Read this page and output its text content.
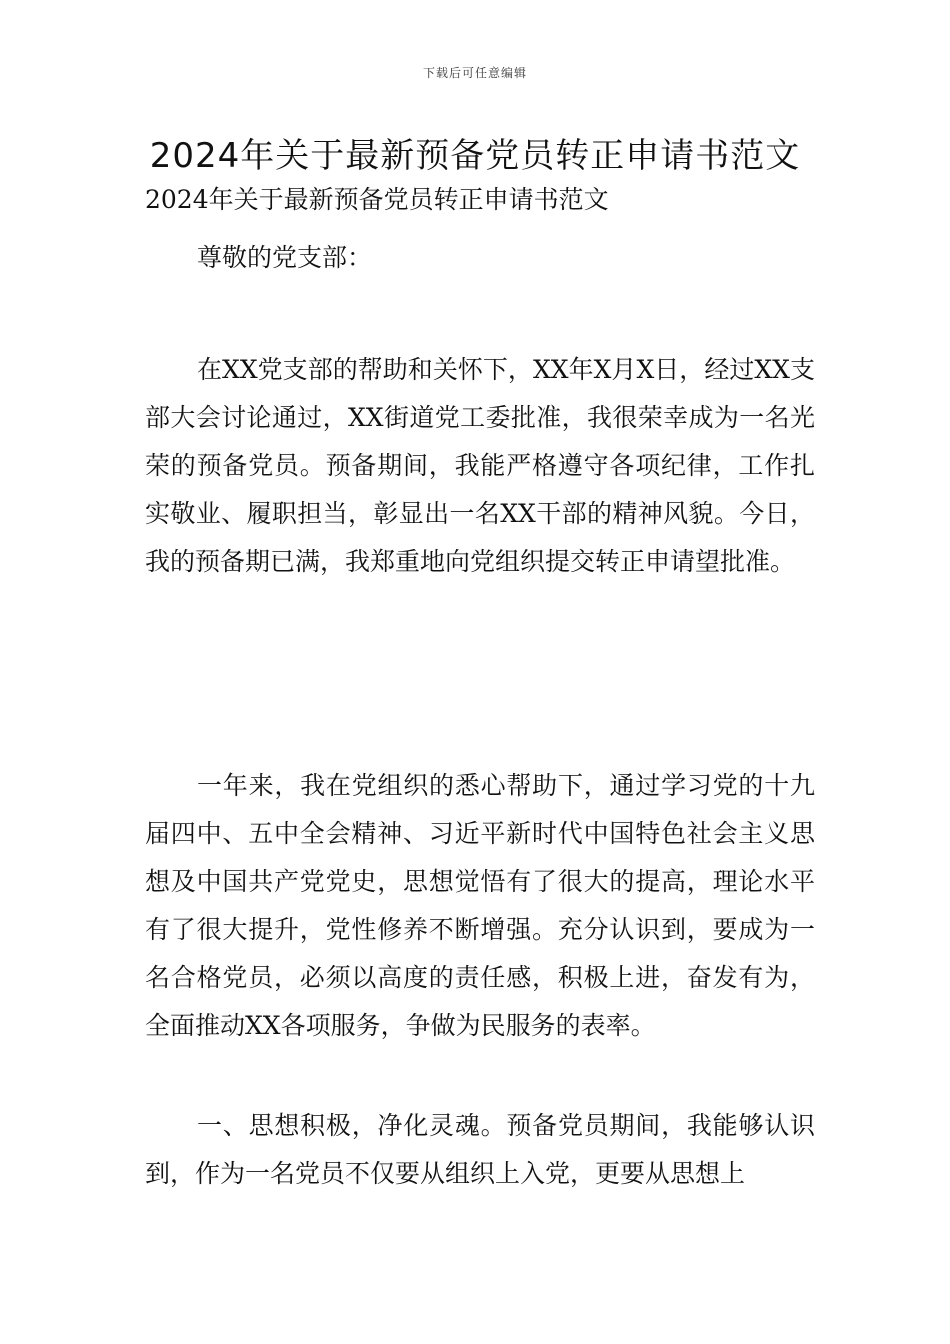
下载后可任意编辑
2024年关于最新预备党员转正申请书范文

2024年关于最新预备党员转正申请书范文

尊敬的党支部：

在XX党支部的帮助和关怀下，XX年X月X日，经过XX支部大会讨论通过，XX街道党工委批准，我很荣幸成为一名光荣的预备党员。预备期间，我能严格遵守各项纪律，工作扎实敬业、履职担当，彰显出一名XX干部的精神风貌。今日，我的预备期已满，我郑重地向党组织提交转正申请望批准。

一年来，我在党组织的悉心帮助下，通过学习党的十九届四中、五中全会精神、习近平新时代中国特色社会主义思想及中国共产党党史，思想觉悟有了很大的提高，理论水平有了很大提升，党性修养不断增强。充分认识到，要成为一名合格党员，必须以高度的责任感，积极上进，奋发有为，全面推动XX各项服务，争做为民服务的表率。

一、思想积极，净化灵魂。预备党员期间，我能够认识到，作为一名党员不仅要从组织上入党，更要从思想上
